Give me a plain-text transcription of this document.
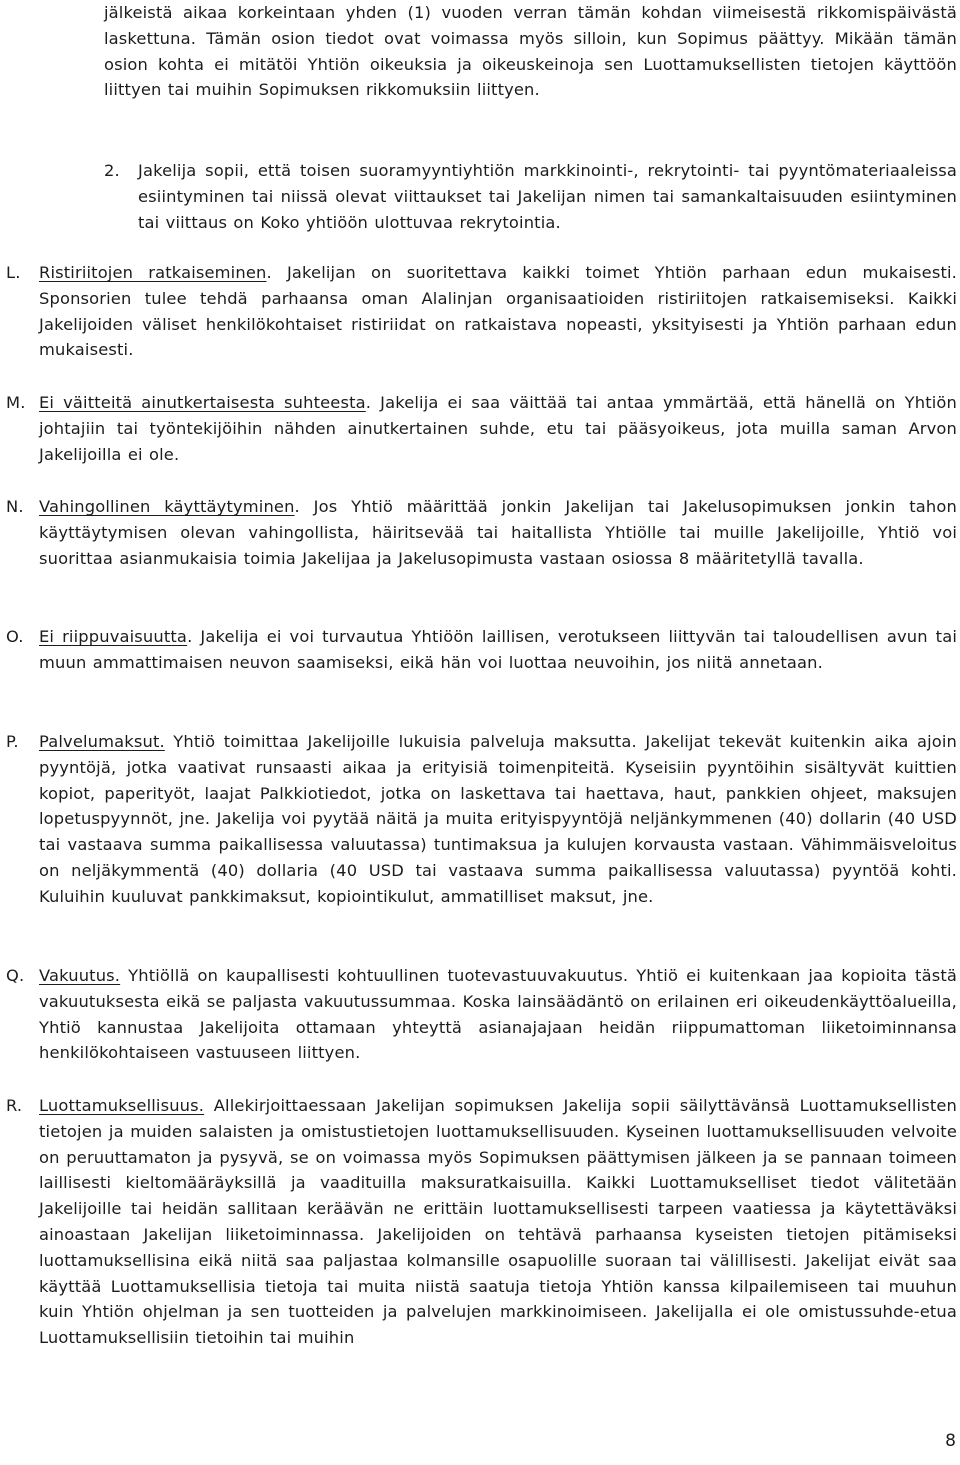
jälkeistä aikaa korkeintaan yhden (1) vuoden verran tämän kohdan viimeisestä rikkomispäivästä laskettuna. Tämän osion tiedot ovat voimassa myös silloin, kun Sopimus päättyy. Mikään tämän osion kohta ei mitätöi Yhtiön oikeuksia ja oikeuskeinoja sen Luottamuksellisten tietojen käyttöön liittyen tai muihin Sopimuksen rikkomuksiin liittyen.
2.	Jakelija sopii, että toisen suoramyyntiyhtiön markkinointi-, rekrytointi- tai pyyntömateriaaleissa esiintyminen tai niissä olevat viittaukset tai Jakelijan nimen tai samankaltaisuuden esiintyminen tai viittaus on Koko yhtiöön ulottuvaa rekrytointia.
L.	Ristiriitojen ratkaiseminen. Jakelijan on suoritettava kaikki toimet Yhtiön parhaan edun mukaisesti. Sponsorien tulee tehdä parhaansa oman Alalinjan organisaatioiden ristiriitojen ratkaisemiseksi. Kaikki Jakelijoiden väliset henkilökohtaiset ristiriidat on ratkaistava nopeasti, yksityisesti ja Yhtiön parhaan edun mukaisesti.
M. Ei väitteitä ainutkertaisesta suhteesta. Jakelija ei saa väittää tai antaa ymmärtää, että hänellä on Yhtiön johtajiin tai työntekijöihin nähden ainutkertainen suhde, etu tai pääsyoikeus, jota muilla saman Arvon Jakelijoilla ei ole.
N. Vahingollinen käyttäytyminen. Jos Yhtiö määrittää jonkin Jakelijan tai Jakelusopimuksen jonkin tahon käyttäytymisen olevan vahingollista, häiritsevää tai haitallista Yhtiölle tai muille Jakelijoille, Yhtiö voi suorittaa asianmukaisia toimia Jakelijaa ja Jakelusopimusta vastaan osiossa 8 määritetyllä tavalla.
O. Ei riippuvaisuutta. Jakelija ei voi turvautua Yhtiöön laillisen, verotukseen liittyvän tai taloudellisen avun tai muun ammattimaisen neuvon saamiseksi, eikä hän voi luottaa neuvoihin, jos niitä annetaan.
P.	Palvelumaksut. Yhtiö toimittaa Jakelijoille lukuisia palveluja maksutta. Jakelijat tekevät kuitenkin aika ajoin pyyntöjä, jotka vaativat runsaasti aikaa ja erityisiä toimenpiteitä. Kyseisiin pyyntöihin sisältyvät kuittien kopiot, paperityöt, laajat Palkkiotiedot, jotka on laskettava tai haettava, haut, pankkien ohjeet, maksujen lopetuspyynnöt, jne. Jakelija voi pyytää näitä ja muita erityispyyntöjä neljänkymmenen (40) dollarin (40 USD tai vastaava summa paikallisessa valuutassa) tuntimaksua ja kulujen korvausta vastaan. Vähimmäisveloitus on neljäkymmentä (40) dollaria (40 USD tai vastaava summa paikallisessa valuutassa) pyyntöä kohti. Kuluihin kuuluvat pankkimaksut, kopiointikulut, ammatilliset maksut, jne.
Q. Vakuutus. Yhtiöllä on kaupallisesti kohtuullinen tuotevastuuvakuutus. Yhtiö ei kuitenkaan jaa kopioita tästä vakuutuksesta eikä se paljasta vakuutussummaa. Koska lainsäädäntö on erilainen eri oikeudenkäyttöalueilla, Yhtiö kannustaa Jakelijoita ottamaan yhteyttä asianajajaan heidän riippumattoman liiketoiminnansa henkilökohtaiseen vastuuseen liittyen.
R.	Luottamuksellisuus. Allekirjoittaessaan Jakelijan sopimuksen Jakelija sopii säilyttävänsä Luottamuksellisten tietojen ja muiden salaisten ja omistustietojen luottamuksellisuuden. Kyseinen luottamuksellisuuden velvoite on peruuttamaton ja pysyvä, se on voimassa myös Sopimuksen päättymisen jälkeen ja se pannaan toimeen laillisesti kieltomääräyksillä ja vaadituilla maksuratkaisuilla. Kaikki Luottamukselliset tiedot välitetään Jakelijoille tai heidän sallitaan keräävän ne erittäin luottamuksellisesti tarpeen vaatiessa ja käytettäväksi ainoastaan Jakelijan liiketoiminnassa. Jakelijoiden on tehtävä parhaansa kyseisten tietojen pitämiseksi luottamuksellisina eikä niitä saa paljastaa kolmansille osapuolille suoraan tai välillisesti. Jakelijat eivät saa käyttää Luottamuksellisia tietoja tai muita niistä saatuja tietoja Yhtiön kanssa kilpailemiseen tai muuhun kuin Yhtiön ohjelman ja sen tuotteiden ja palvelujen markkinoimiseen. Jakelijalla ei ole omistussuhde-etua Luottamuksellisiin tietoihin tai muihin
8
